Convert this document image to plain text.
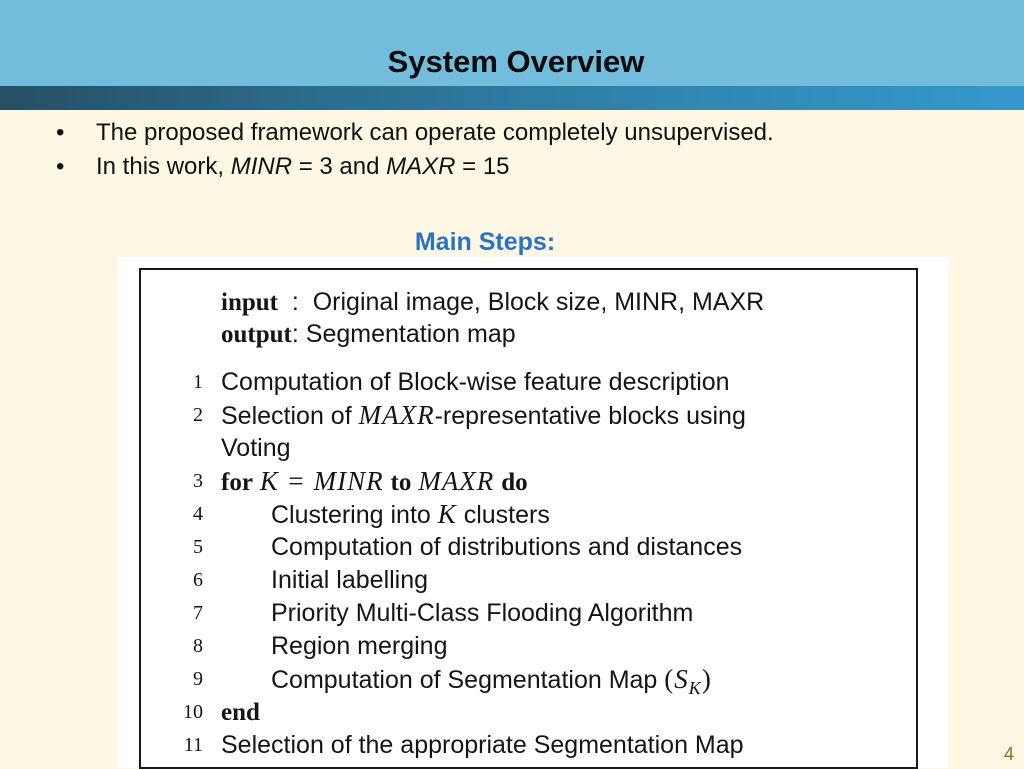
System Overview
• The proposed framework can operate completely unsupervised.
• In this work, MINR = 3 and MAXR = 15
Main Steps:
input  :  Original image, Block size, MINR, MAXR
output: Segmentation map
1 Computation of Block-wise feature description
2 Selection of MAXR-representative blocks using
Voting
3 for K = MINR to MAXR do
4	Clustering into K clusters
5	Computation of distributions and distances
6	Initial labelling
7	Priority Multi-Class Flooding Algorithm
8	Region merging
9	Computation of Segmentation Map $(S_K)$
10 end
11 Selection of the appropriate Segmentation Map	4
